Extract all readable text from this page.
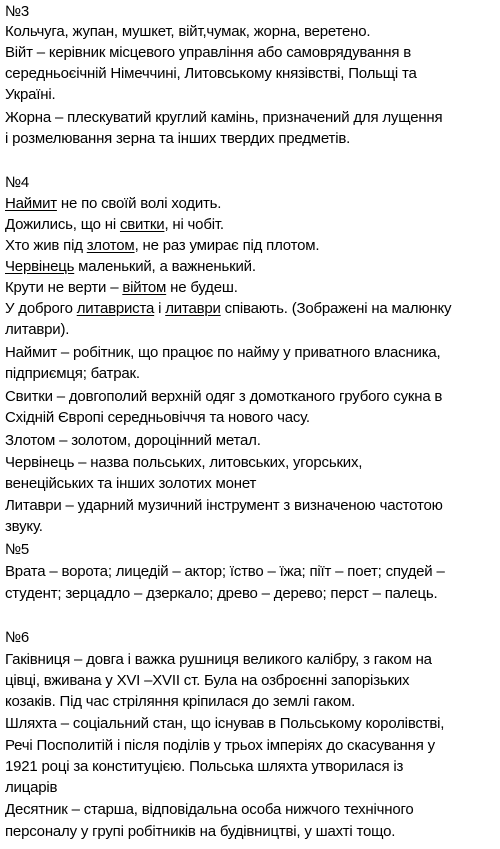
№3
Кольчуга, жупан, мушкет, війт,чумак, жорна, веретено.
Війт – керівник місцевого управління або самоврядування в
середньоєічній Німеччині, Литовському князівстві, Польщі та
Україні.
Жорна – плескуватий круглий камінь, призначений для лущення
і розмелювання зерна та інших твердих предметів.
№4
Наймит не по своїй волі ходить.
Дожились, що ні свитки, ні чобіт.
Хто жив під злотом, не раз умирає під плотом.
Червінець маленький, а важненький.
Крути не верти – війтом не будеш.
У доброго литавриста і литаври співають. (Зображені на малюнку
литаври).
Наймит – робітник, що працює по найму у приватного власника,
підприємця; батрак.
Свитки – довгополий верхній одяг з домотканого грубого сукна в
Східній Європі середньовіччя та нового часу.
Злотом – золотом, дороцінний метал.
Червінець – назва польських, литовських, угорських,
венеційських та інших золотих монет
Литаври – ударний музичний інструмент з визначеною частотою
звуку.
№5
Врата – ворота; лицедій – актор; їство – їжа; піїт – поет; спудей –
студент; зерцадло – дзеркало; древо – дерево; перст – палець.
№6
Гаківниця – довга і важка рушниця великого калібру, з гаком на
цівці, вживана у XVI –XVII ст. Була на озброєнні запорізьких
козаків. Під час стріляння кріпилася до землі гаком.
Шляхта – соціальний стан, що існував в Польському королівстві,
Речі Посполитій і після поділів у трьох імперіях до скасування у
1921 році за конституцією. Польська шляхта утворилася із
лицарів
Десятник – старша, відповідальна особа нижчого технічного
персоналу у групі робітників на будівництві, у шахті тощо.
